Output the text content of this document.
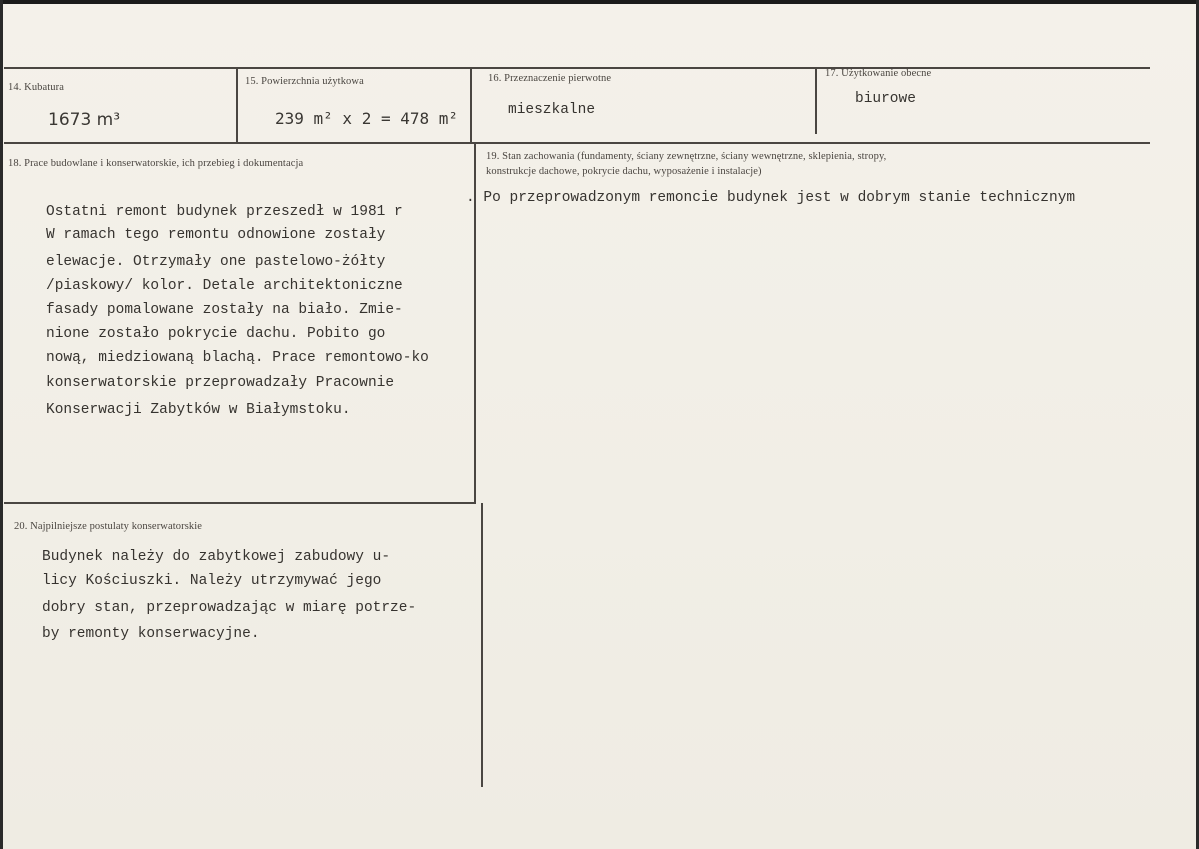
14. Kubatura
1673 m³
15. Powierzchnia użytkowa
239 m² x 2 = 478 m²
16. Przeznaczenie pierwotne
mieszkalne
17. Użytkowanie obecne
biurowe
18. Prace budowlane i konserwatorskie, ich przebieg i dokumentacja
Ostatni remont budynek przeszedł w 1981 r
W ramach tego remontu odnowione zostały
elewacje. Otrzymały one pastelowo-żółty
/piaskowy/ kolor. Detale architektoniczne
fasady pomalowane zostały na biało. Zmie-
nione zostało pokrycie dachu. Pobito go
nową, miedziowaną blachą. Prace remontowo-ko
konserwatorskie przeprowadzały Pracownie
Konserwacji Zabytków w Białymstoku.
19. Stan zachowania (fundamenty, ściany zewnętrzne, ściany wewnętrzne, sklepienia, stropy,
konstrukcje dachowe, pokrycie dachu, wyposażenie i instalacje)
. Po przeprowadzonym remoncie budynek jest w dobrym stanie technicznym
20. Najpilniejsze postulaty konserwatorskie
Budynek należy do zabytkowej zabudowy u-
licy Kościuszki. Należy utrzymywać jego
dobry stan, przeprowadzając w miarę potrze-
by remonty konserwacyjne.
